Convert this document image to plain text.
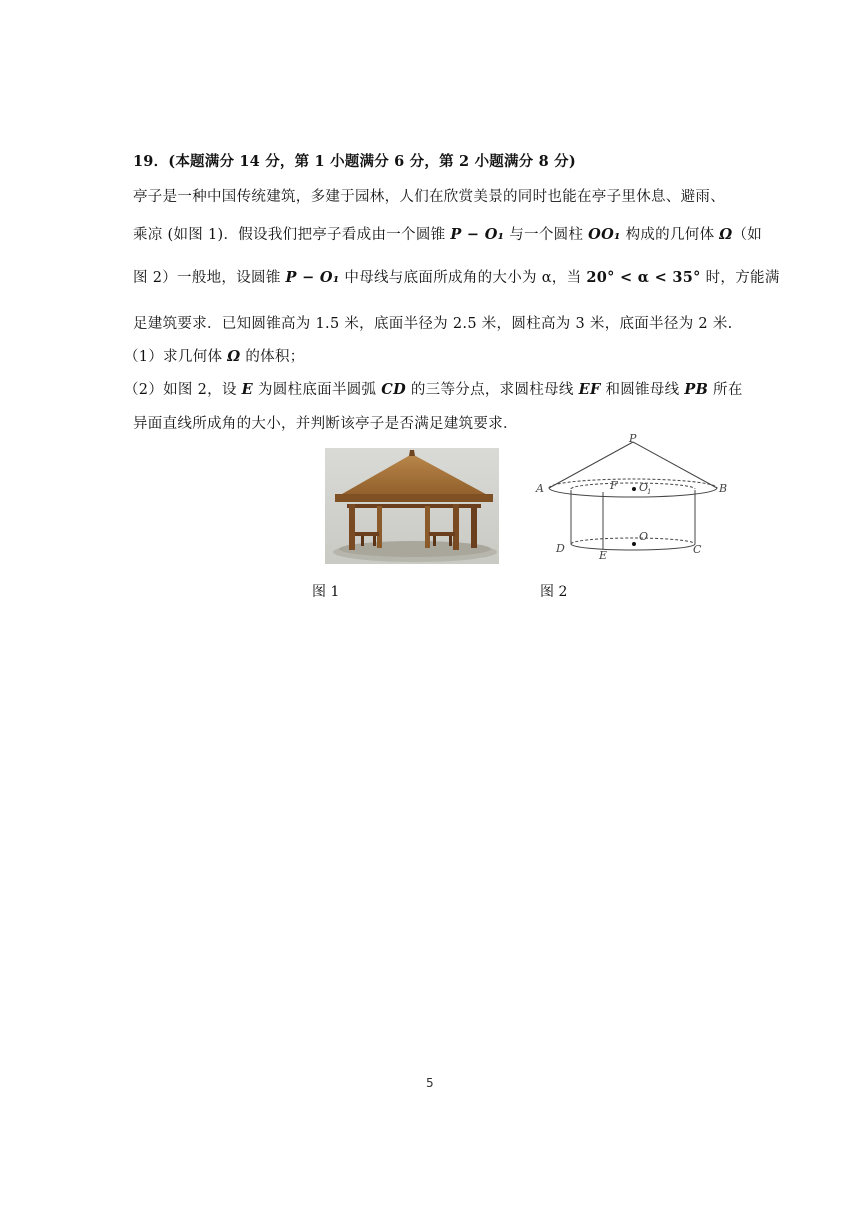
19．(本题满分 14 分，第 1 小题满分 6 分，第 2 小题满分 8 分)
亭子是一种中国传统建筑，多建于园林，人们在欣赏美景的同时也能在亭子里休息、避雨、
乘凉 (如图 1)．假设我们把亭子看成由一个圆锥 P − O₁ 与一个圆柱 OO₁ 构成的几何体 Ω（如
图 2）一般地，设圆锥 P − O₁ 中母线与底面所成角的大小为 α，当 20° < α < 35° 时，方能满
足建筑要求．已知圆锥高为 1.5 米，底面半径为 2.5 米，圆柱高为 3 米，底面半径为 2 米.
（1）求几何体 Ω 的体积；
（2）如图 2，设 E 为圆柱底面半圆弧 CD 的三等分点，求圆柱母线 EF 和圆锥母线 PB 所在
异面直线所成角的大小，并判断该亭子是否满足建筑要求．
P
A	B
F O
1
O
D
E	C
图 1	图 2
5
